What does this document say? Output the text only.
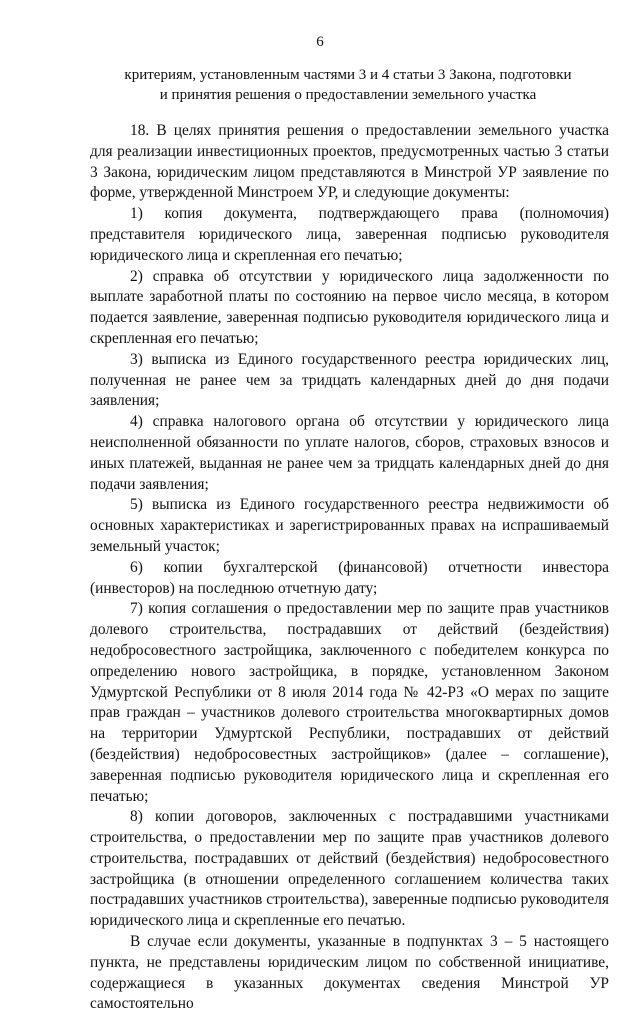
6
критериям, установленным частями 3 и 4 статьи 3 Закона, подготовки
и принятия решения о предоставлении земельного участка

18. В целях принятия решения о предоставлении земельного участка для реализации инвестиционных проектов, предусмотренных частью 3 статьи 3 Закона, юридическим лицом представляются в Минстрой УР заявление по форме, утвержденной Минстроем УР, и следующие документы:

1) копия документа, подтверждающего права (полномочия) представителя юридического лица, заверенная подписью руководителя юридического лица и скрепленная его печатью;

2) справка об отсутствии у юридического лица задолженности по выплате заработной платы по состоянию на первое число месяца, в котором подается заявление, заверенная подписью руководителя юридического лица и скрепленная его печатью;

3) выписка из Единого государственного реестра юридических лиц, полученная не ранее чем за тридцать календарных дней до дня подачи заявления;

4) справка налогового органа об отсутствии у юридического лица неисполненной обязанности по уплате налогов, сборов, страховых взносов и иных платежей, выданная не ранее чем за тридцать календарных дней до дня подачи заявления;

5) выписка из Единого государственного реестра недвижимости об основных характеристиках и зарегистрированных правах на испрашиваемый земельный участок;

6) копии бухгалтерской (финансовой) отчетности инвестора (инвесторов) на последнюю отчетную дату;

7) копия соглашения о предоставлении мер по защите прав участников долевого строительства, пострадавших от действий (бездействия) недобросовестного застройщика, заключенного с победителем конкурса по определению нового застройщика, в порядке, установленном Законом Удмуртской Республики от 8 июля 2014 года № 42-РЗ «О мерах по защите прав граждан – участников долевого строительства многоквартирных домов на территории Удмуртской Республики, пострадавших от действий (бездействия) недобросовестных застройщиков» (далее – соглашение), заверенная подписью руководителя юридического лица и скрепленная его печатью;

8) копии договоров, заключенных с пострадавшими участниками строительства, о предоставлении мер по защите прав участников долевого строительства, пострадавших от действий (бездействия) недобросовестного застройщика (в отношении определенного соглашением количества таких пострадавших участников строительства), заверенные подписью руководителя юридического лица и скрепленные его печатью.

В случае если документы, указанные в подпунктах 3 – 5 настоящего пункта, не представлены юридическим лицом по собственной инициативе, содержащиеся в указанных документах сведения Минстрой УР самостоятельно
